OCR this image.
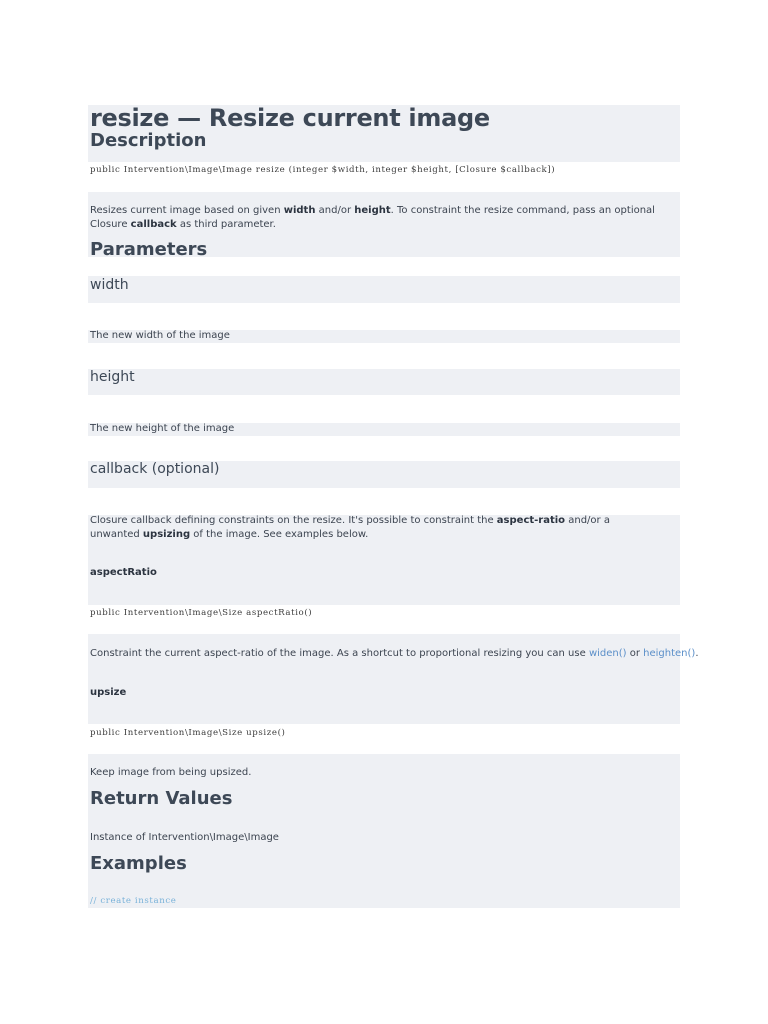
resize — Resize current image
Description
public Intervention\Image\Image resize (integer $width, integer $height, [Closure $callback])
Resizes current image based on given width and/or height. To constraint the resize command, pass an optional
Closure callback as third parameter.
Parameters
width
The new width of the image
height
The new height of the image
callback (optional)
Closure callback defining constraints on the resize. It's possible to constraint the aspect-ratio and/or a
unwanted upsizing of the image. See examples below.
aspectRatio
public Intervention\Image\Size aspectRatio()
Constraint the current aspect-ratio of the image. As a shortcut to proportional resizing you can use widen() or heighten().
upsize
public Intervention\Image\Size upsize()
Keep image from being upsized.
Return Values
Instance of Intervention\Image\Image
Examples
// create instance
